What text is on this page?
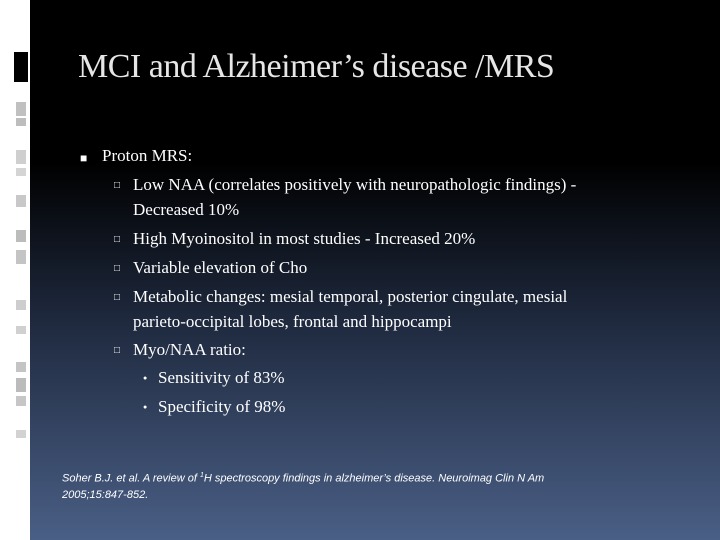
MCI and Alzheimer’s disease /MRS
■ Proton MRS:
□ Low NAA (correlates positively with neuropathologic findings) -
Decreased 10%
□ High Myoinositol in most studies - Increased 20%
□ Variable elevation of Cho
□ Metabolic changes: mesial temporal, posterior cingulate, mesial
parieto-occipital lobes, frontal and hippocampi
□ Myo/NAA ratio:
● Sensitivity of 83%
● Specificity of 98%
Soher B.J. et al. A review of $^1$H spectroscopy findings in alzheimer’s disease. Neuroimag Clin N Am
2005;15:847-852.
